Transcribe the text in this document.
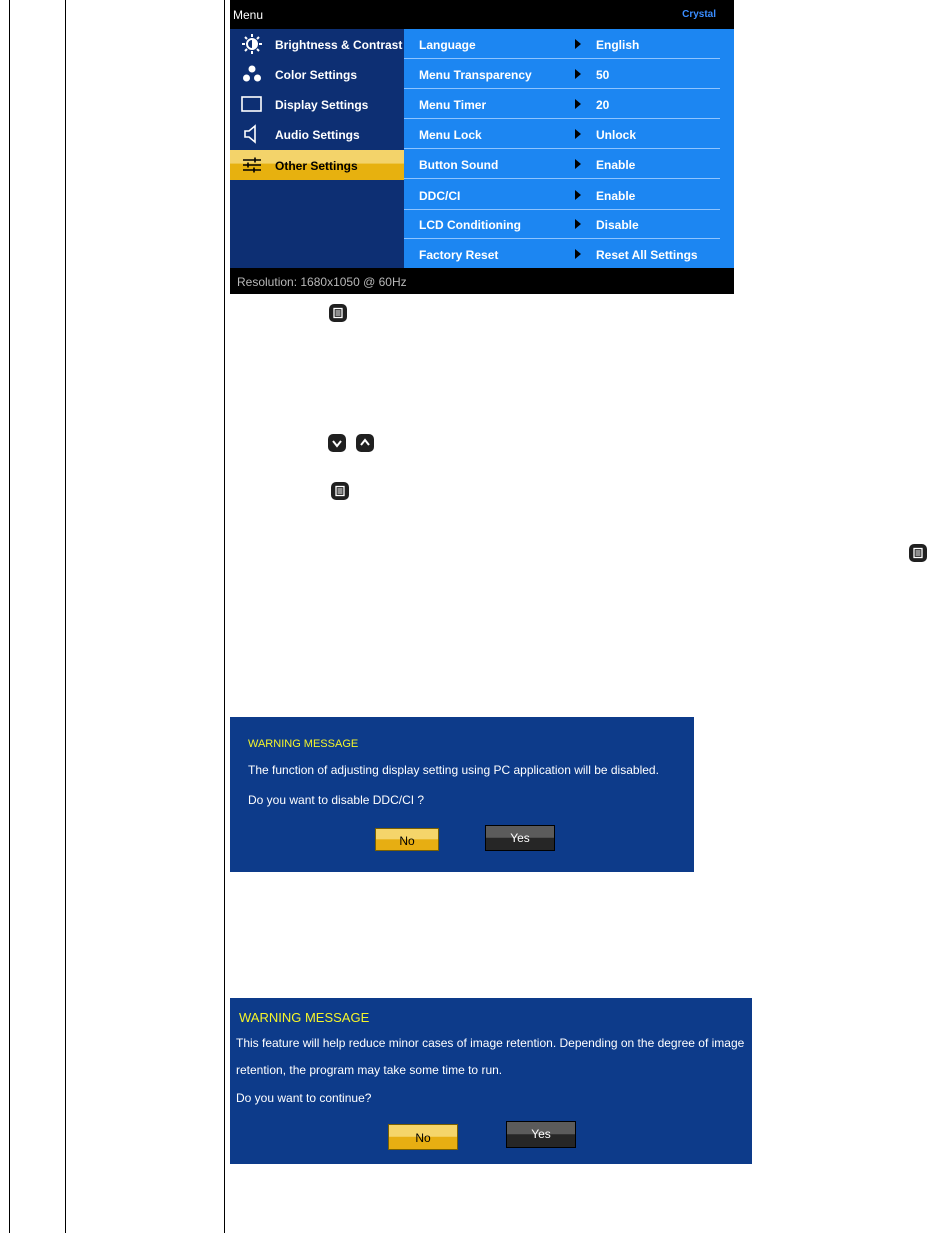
Menu	Crystal
Brightness & Contrast
Color Settings
Display Settings
Audio Settings
Other Settings
Language	English
Menu Transparency	50
Menu Timer	20
Menu Lock	Unlock
Button Sound	Enable
DDC/CI	Enable
LCD Conditioning	Disable
Factory Reset	Reset All Settings
Resolution: 1680x1050 @ 60Hz
WARNING MESSAGE
The function of adjusting display setting using PC application will be disabled.
Do you want to disable DDC/CI ?
No	Yes
WARNING MESSAGE
This feature will help reduce minor cases of image retention. Depending on the degree of image
retention, the program may take some time to run.
Do you want to continue?
No	Yes
